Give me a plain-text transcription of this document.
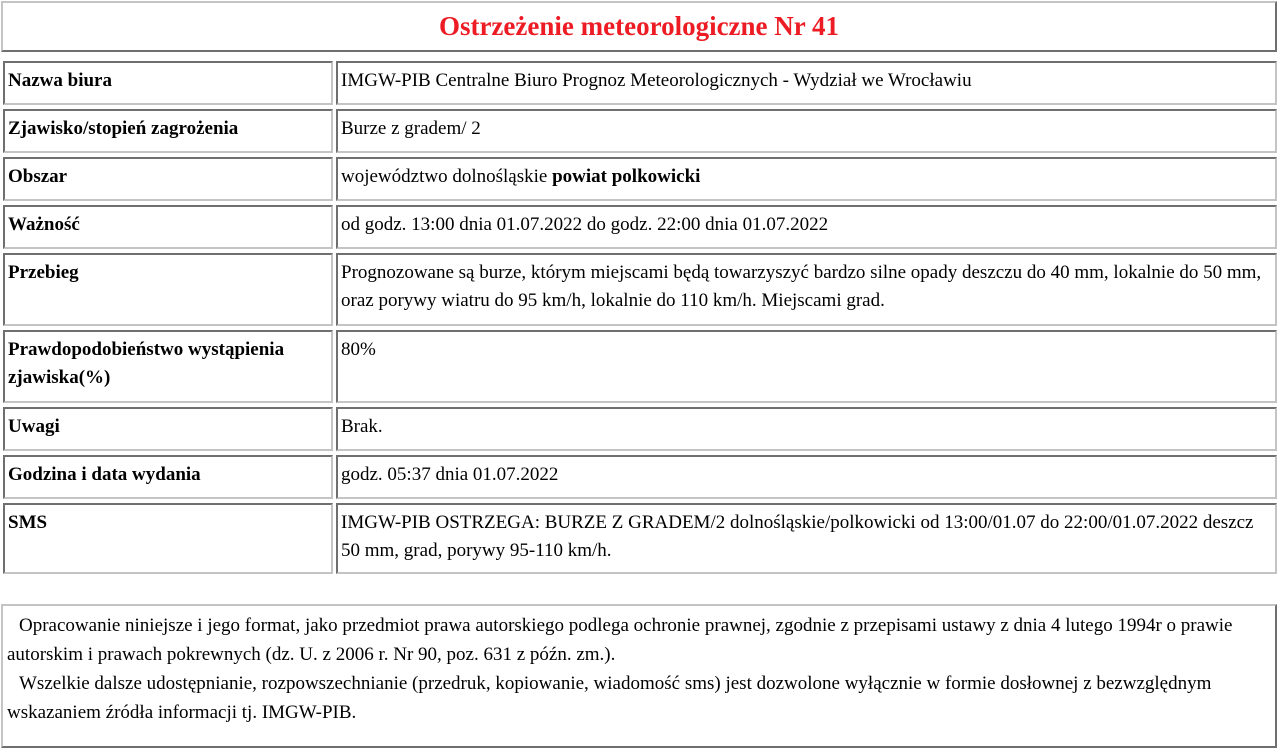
Ostrzeżenie meteorologiczne Nr 41
Nazwa biura	IMGW-PIB Centralne Biuro Prognoz Meteorologicznych - Wydział we Wrocławiu
Zjawisko/stopień zagrożenia	Burze z gradem/ 2
Obszar	województwo dolnośląskie powiat polkowicki
Ważność	od godz. 13:00 dnia 01.07.2022 do godz. 22:00 dnia 01.07.2022
Przebieg	Prognozowane są burze, którym miejscami będą towarzyszyć bardzo silne opady deszczu do 40 mm, lokalnie do 50 mm, oraz porywy wiatru do 95 km/h, lokalnie do 110 km/h. Miejscami grad.
Prawdopodobieństwo wystąpienia zjawiska(%)	80%
Uwagi	Brak.
Godzina i data wydania	godz. 05:37 dnia 01.07.2022
SMS	IMGW-PIB OSTRZEGA: BURZE Z GRADEM/2 dolnośląskie/polkowicki od 13:00/01.07 do 22:00/01.07.2022 deszcz 50 mm, grad, porywy 95-110 km/h.

Opracowanie niniejsze i jego format, jako przedmiot prawa autorskiego podlega ochronie prawnej, zgodnie z przepisami ustawy z dnia 4 lutego 1994r o prawie autorskim i prawach pokrewnych (dz. U. z 2006 r. Nr 90, poz. 631 z późn. zm.).

Wszelkie dalsze udostępnianie, rozpowszechnianie (przedruk, kopiowanie, wiadomość sms) jest dozwolone wyłącznie w formie dosłownej z bezwzględnym wskazaniem źródła informacji tj. IMGW-PIB.
